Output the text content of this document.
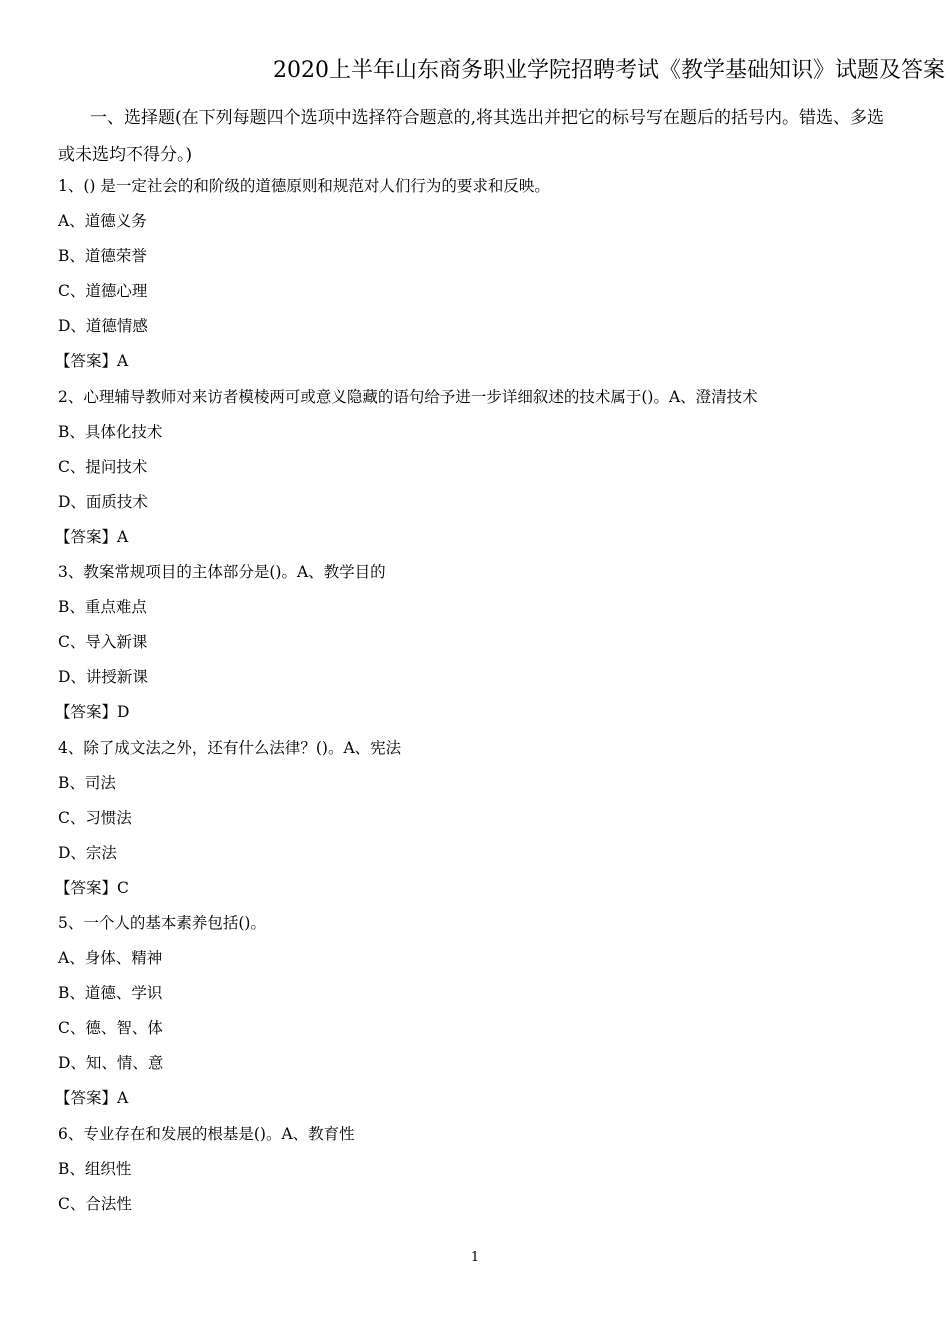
2020上半年山东商务职业学院招聘考试《教学基础知识》试题及答案
一、选择题(在下列每题四个选项中选择符合题意的,将其选出并把它的标号写在题后的括号内。错选、多选或未选均不得分。)
1、() 是一定社会的和阶级的道德原则和规范对人们行为的要求和反映。
A、道德义务
B、道德荣誉
C、道德心理
D、道德情感
【答案】A
2、心理辅导教师对来访者模棱两可或意义隐藏的语句给予进一步详细叙述的技术属于()。A、澄清技术
B、具体化技术
C、提问技术
D、面质技术
【答案】A
3、教案常规项目的主体部分是()。A、教学目的
B、重点难点
C、导入新课
D、讲授新课
【答案】D
4、除了成文法之外，还有什么法律？()。A、宪法
B、司法
C、习惯法
D、宗法
【答案】C
5、一个人的基本素养包括()。
A、身体、精神
B、道德、学识
C、德、智、体
D、知、情、意
【答案】A
6、专业存在和发展的根基是()。A、教育性
B、组织性
C、合法性
1
